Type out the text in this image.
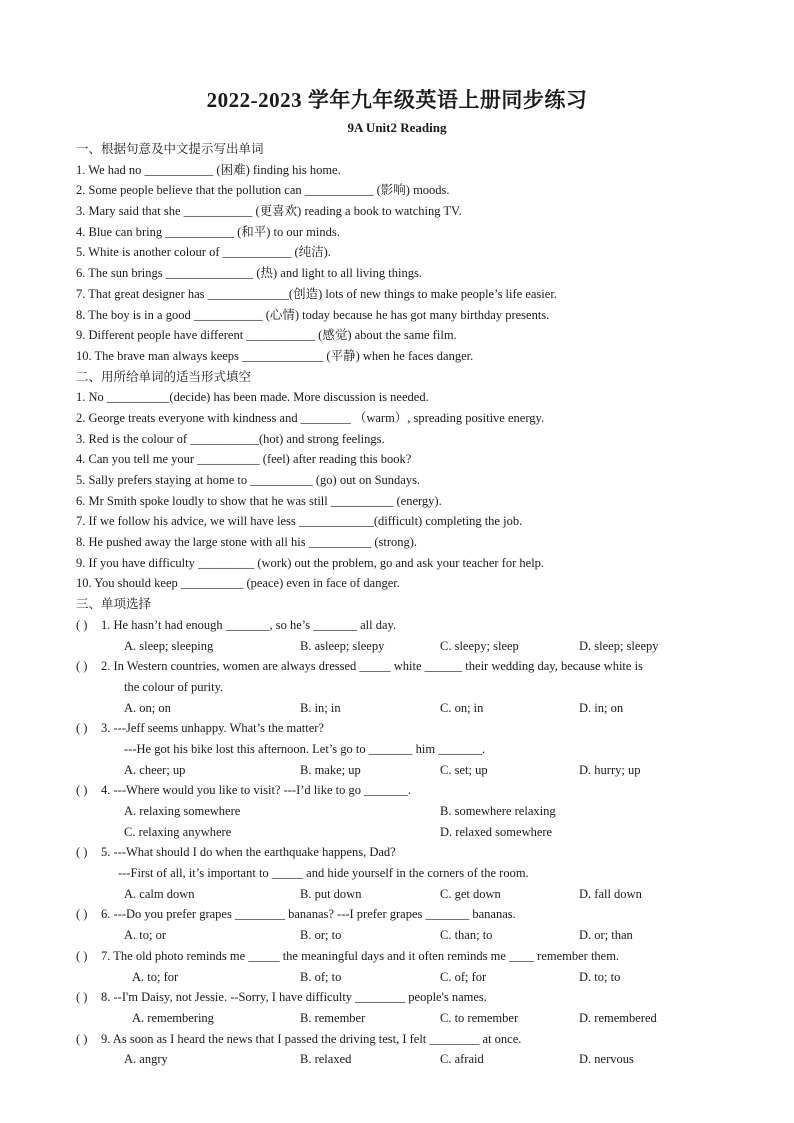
2022-2023 学年九年级英语上册同步练习
9A Unit2 Reading
一、根据句意及中文提示写出单词
1. We had no ___________ (困难) finding his home.
2. Some people believe that the pollution can ___________ (影响) moods.
3. Mary said that she ___________ (更喜欢) reading a book to watching TV.
4. Blue can bring ___________ (和平) to our minds.
5. White is another colour of ___________ (纯洁).
6. The sun brings ______________ (热) and light to all living things.
7. That great designer has _____________(创造) lots of new things to make people’s life easier.
8. The boy is in a good ___________ (心情) today because he has got many birthday presents.
9. Different people have different ___________ (感觉) about the same film.
10. The brave man always keeps _____________ (平静) when he faces danger.
二、用所给单词的适当形式填空
1. No __________(decide) has been made. More discussion is needed.
2. George treats everyone with kindness and ________ （warm）, spreading positive energy.
3. Red is the colour of ___________(hot) and strong feelings.
4. Can you tell me your __________ (feel) after reading this book?
5. Sally prefers staying at home to __________ (go) out on Sundays.
6. Mr Smith spoke loudly to show that he was still __________ (energy).
7. If we follow his advice, we will have less ____________(difficult) completing the job.
8. He pushed away the large stone with all his __________ (strong).
9. If you have difficulty _________ (work) out the problem, go and ask your teacher for help.
10. You should keep __________ (peace) even in face of danger.
三、单项选择
( ) 1. He hasn’t had enough _______, so he’s _______ all day.
A. sleep; sleeping	B. asleep; sleepy	C. sleepy; sleep	D. sleep; sleepy
( ) 2. In Western countries, women are always dressed _____ white ______ their wedding day, because white is
the colour of purity.
A. on; on	B. in; in	C. on; in	D. in; on
( ) 3. ---Jeff seems unhappy. What’s the matter?
---He got his bike lost this afternoon. Let’s go to _______ him _______.
A. cheer; up	B. make; up	C. set; up	D. hurry; up
( ) 4. ---Where would you like to visit? ---I’d like to go _______.
A. relaxing somewhere	B. somewhere relaxing
C. relaxing anywhere	D. relaxed somewhere
( ) 5. ---What should I do when the earthquake happens, Dad?
---First of all, it’s important to _____ and hide yourself in the corners of the room.
A. calm down	B. put down	C. get down	D. fall down
( ) 6. ---Do you prefer grapes ________ bananas? ---I prefer grapes _______ bananas.
A. to; or	B. or; to	C. than; to	D. or; than
( ) 7. The old photo reminds me _____ the meaningful days and it often reminds me ____ remember them.
A. to; for	B. of; to	C. of; for	D. to; to
( ) 8. --I'm Daisy, not Jessie. --Sorry, I have difficulty ________ people's names.
A. remembering	B. remember	C. to remember	D. remembered
( ) 9. As soon as I heard the news that I passed the driving test, I felt ________ at once.
A. angry	B. relaxed	C. afraid	D. nervous
